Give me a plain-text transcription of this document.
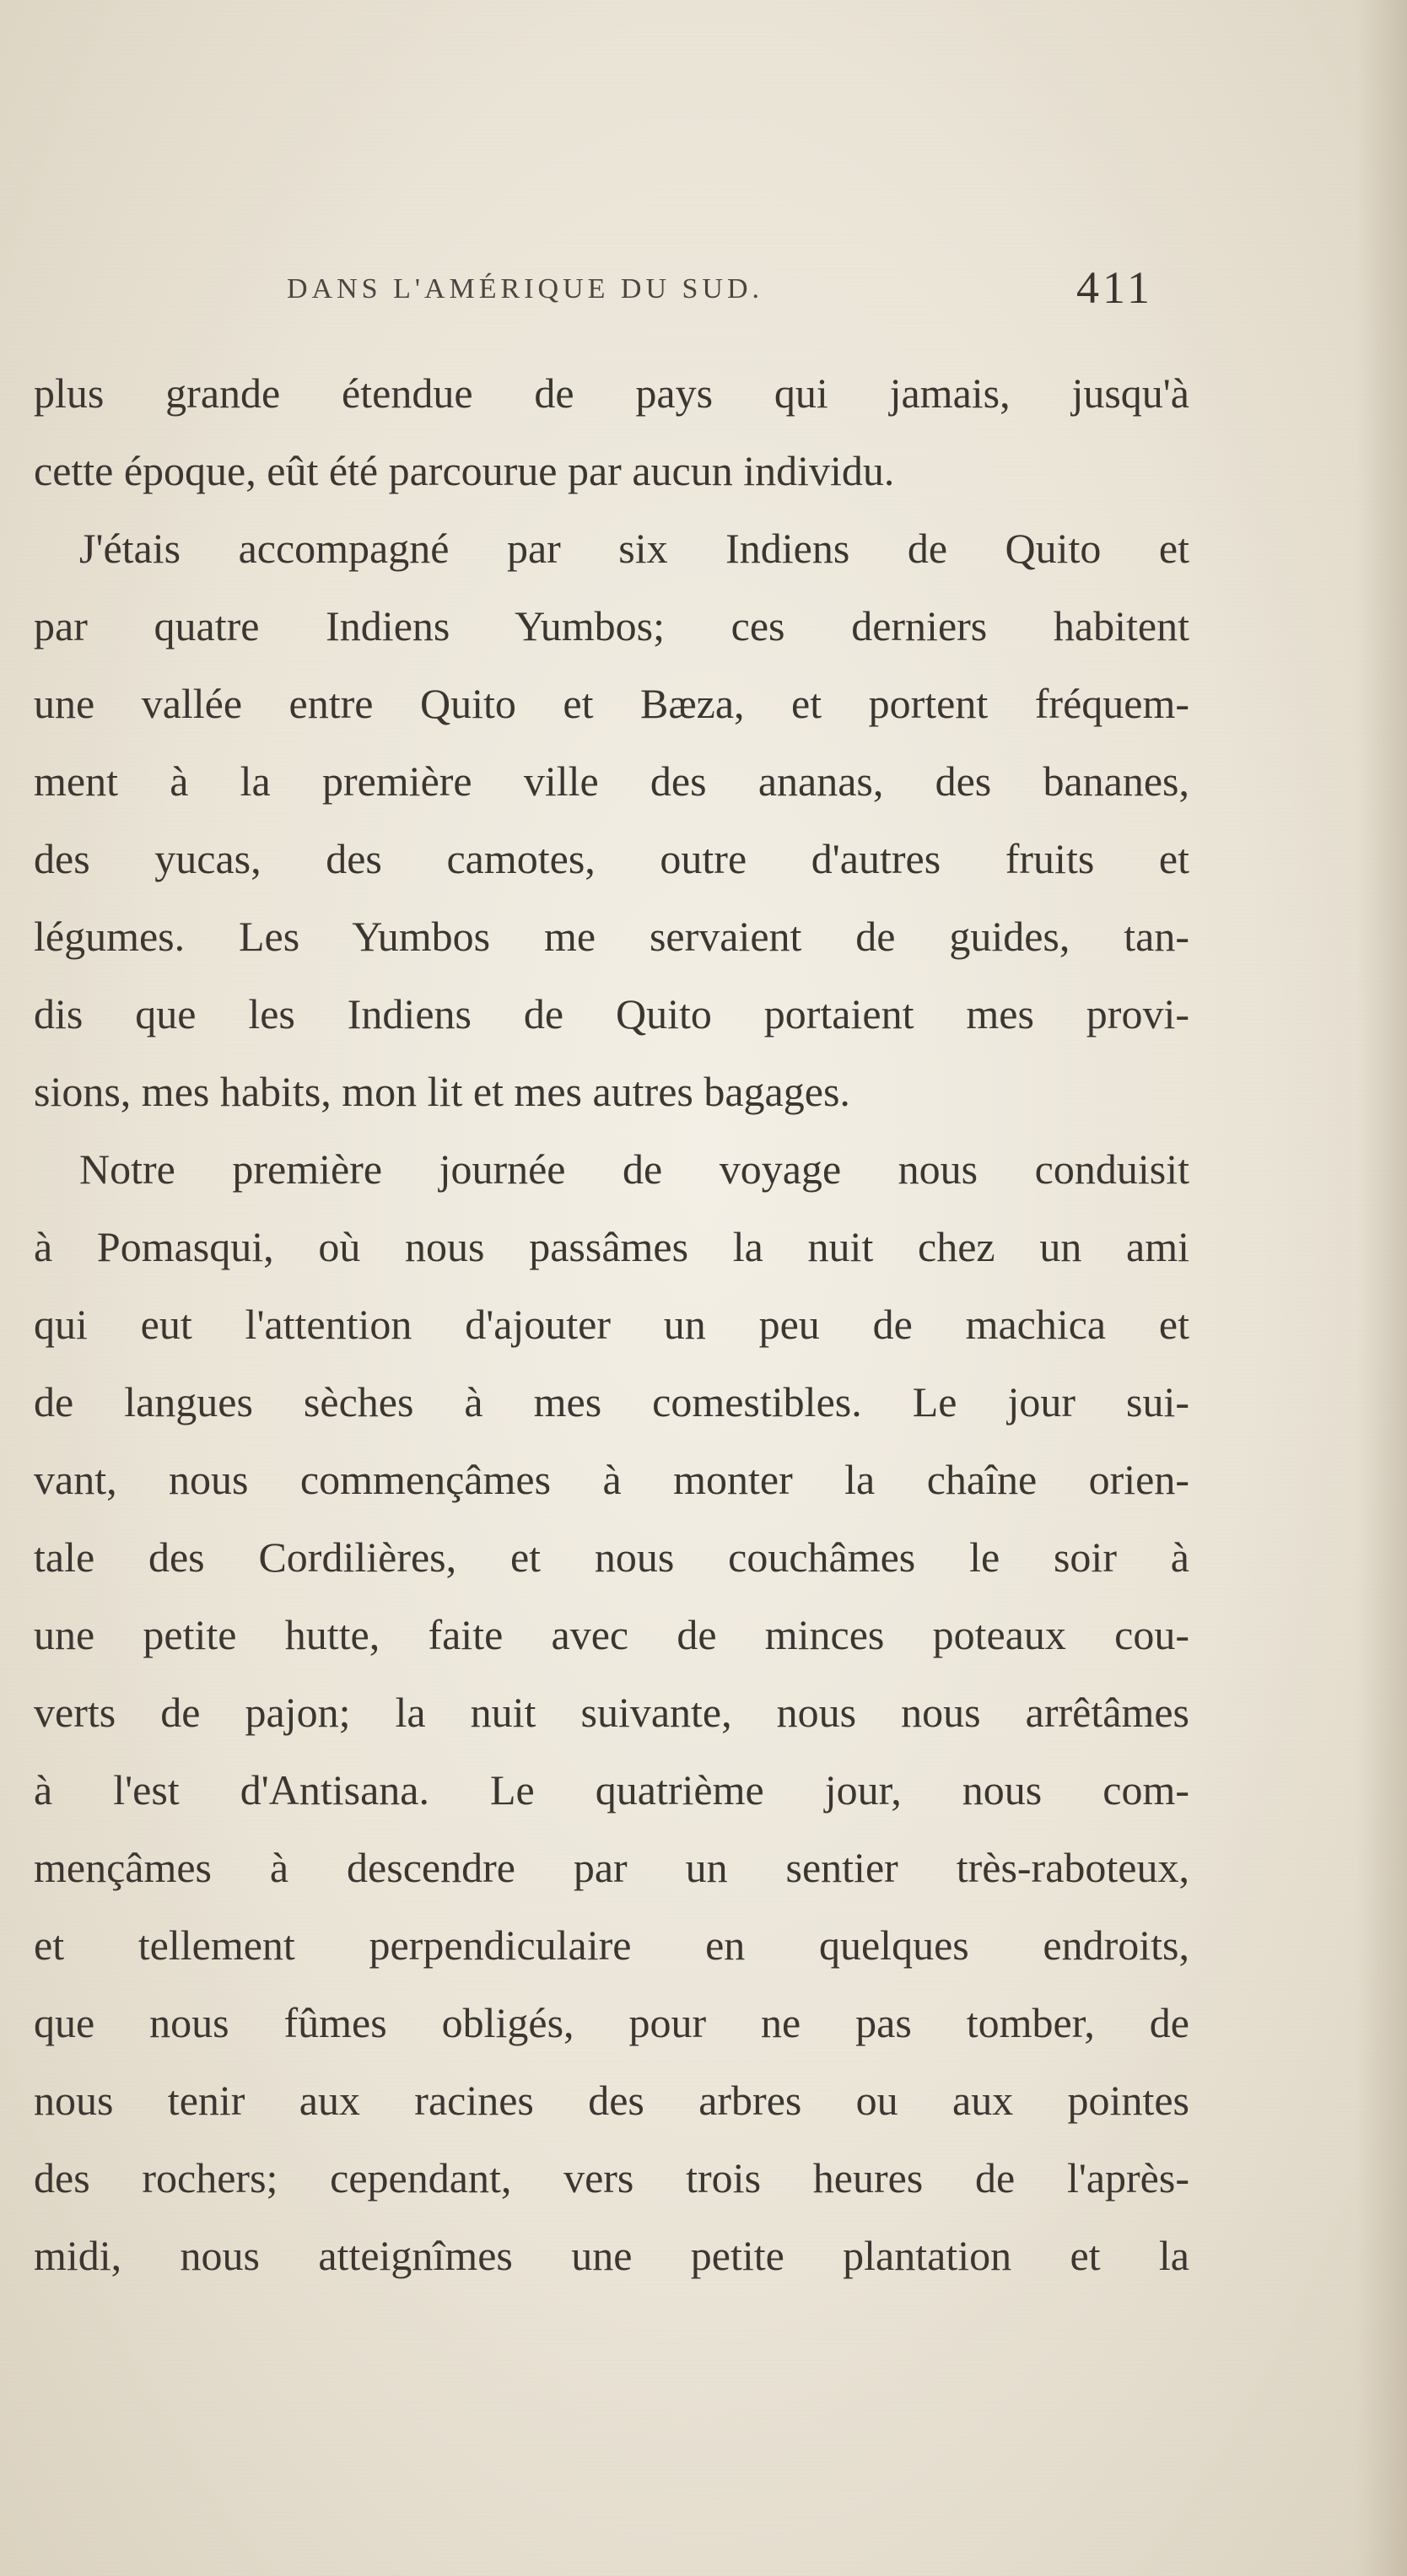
DANS L'AMÉRIQUE DU SUD.	411
plus grande étendue de pays qui jamais, jusqu'à
cette époque, eût été parcourue par aucun individu.
J'étais accompagné par six Indiens de Quito et
par quatre Indiens Yumbos; ces derniers habitent
une vallée entre Quito et Bæza, et portent fréquem-
ment à la première ville des ananas, des bananes,
des yucas, des camotes, outre d'autres fruits et
légumes. Les Yumbos me servaient de guides, tan-
dis que les Indiens de Quito portaient mes provi-
sions, mes habits, mon lit et mes autres bagages.
Notre première journée de voyage nous conduisit
à Pomasqui, où nous passâmes la nuit chez un ami
qui eut l'attention d'ajouter un peu de machica et
de langues sèches à mes comestibles. Le jour sui-
vant, nous commençâmes à monter la chaîne orien-
tale des Cordilières, et nous couchâmes le soir à
une petite hutte, faite avec de minces poteaux cou-
verts de pajon; la nuit suivante, nous nous arrêtâmes
à l'est d'Antisana. Le quatrième jour, nous com-
mençâmes à descendre par un sentier très-raboteux,
et tellement perpendiculaire en quelques endroits,
que nous fûmes obligés, pour ne pas tomber, de
nous tenir aux racines des arbres ou aux pointes
des rochers; cependant, vers trois heures de l'après-
midi, nous atteignîmes une petite plantation et la
